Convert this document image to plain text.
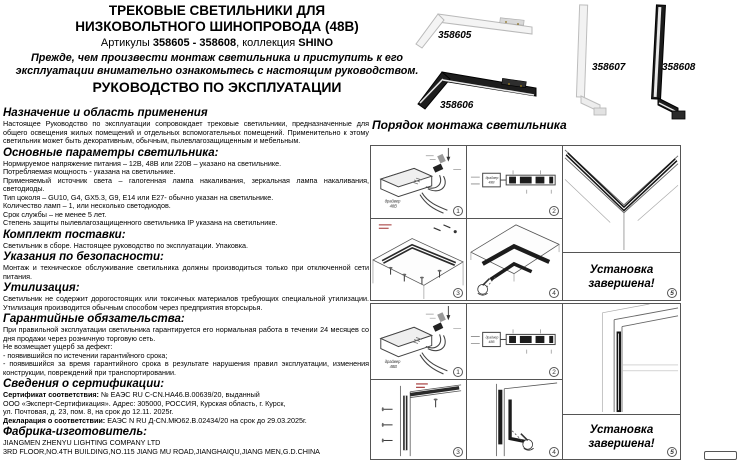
ТРЕКОВЫЕ СВЕТИЛЬНИКИ ДЛЯ
НИЗКОВОЛЬТНОГО ШИНОПРОВОДА (48В)
Артикулы 358605 - 358608, коллекция SHINO
Прежде, чем произвести монтаж светильника и приступить к его эксплуатации внимательно ознакомьтесь с настоящим руководством.
РУКОВОДСТВО ПО ЭКСПЛУАТАЦИИ
358605
358606
358607	358608
Назначение и область применения

Настоящее Руководство по эксплуатации сопровождает трековые светильники, предназначенные для общего освещения жилых помещений и отдельных вспомогательных помещений. Применительно к этому светильник может быть декоративным, обычным, пылевлагозащищенным и мебельным.

Основные параметры светильника:

Нормируемое напряжение питания – 12В, 48В или 220В – указано на светильнике.

Потребляемая мощность - указана на светильнике.

Применяемый источник света – галогенная лампа накаливания, зеркальная лампа накаливания, светодиоды.

Тип цоколя – GU10, G4, GX5.3, G9, E14 или E27- обычно указан на светильнике.

Количество ламп – 1, или несколько светодиодов.

Срок службы – не менее 5 лет.

Степень защиты пылевлагозащищенного светильника IP указана на светильнике.

Комплект поставки:

Светильник в сборе. Настоящее руководство по эксплуатации. Упаковка.

Указания по безопасности:

Монтаж и техническое обслуживание светильника должны производиться только при отключенной сети питания.

Утилизация:

Светильник не содержит дорогостоящих или токсичных материалов требующих специальной утилизации. Утилизация производится обычным способом через предприятия вторсырья.

Гарантийные обязательства:

При правильной эксплуатации светильника гарантируется его нормальная работа в течении 24 месяцев со дня продажи через розничную торговую сеть.

Не возмещает ущерб за дефект:

- появившийся по истечении гарантийного срока;

- появившийся за время гарантийного срока в результате нарушения правил эксплуатации, изменения конструкции, повреждений при транспортировании.

Сведения о сертификации:

Сертификат соответствия: № ЕАЭС RU C-CN.НА46.В.00639/20, выданный

ООО «Эксперт-Сертификация». Адрес: 305000, РОССИЯ, Курская область, г. Курск,

ул. Почтовая, д. 23, пом. 8, на срок до 12.11. 2025г.

Декларация о соответствии: ЕАЭС N RU Д-CN.МЮ62.В.02434/20 на срок до 29.03.2025г.

Фабрика-изготовитель:

JIANGMEN ZHENYU LIGHTING COMPANY LTD

3RD FLOOR,NO.4TH BUILDING,NO.115 JIANG MU ROAD,JIANGHAIQU,JIANG MEN,G.D.CHINA

Порядок монтажа светильника
1	2
3	4
Установка
завершена!
5
1	2
3	4
Установка
завершена!
5
